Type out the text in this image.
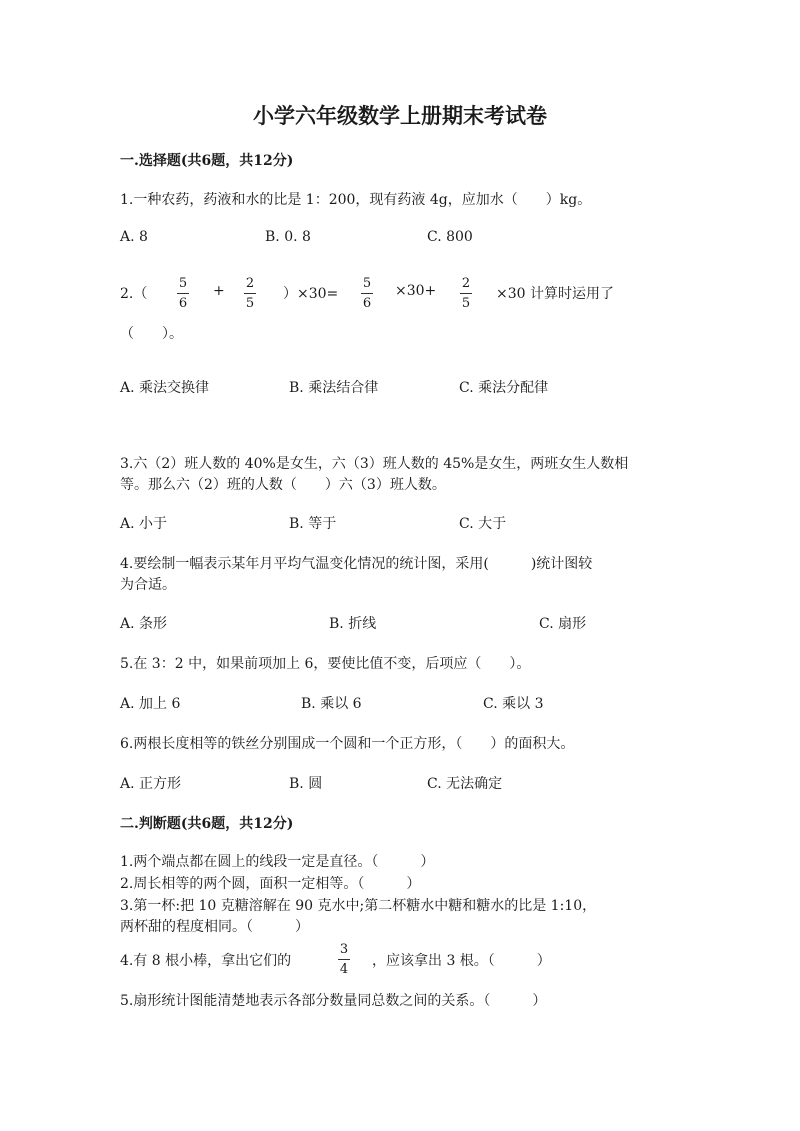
小学六年级数学上册期末考试卷
一.选择题(共6题，共12分)
1.一种农药，药液和水的比是 1：200，现有药液 4g，应加水（　　）kg。
A. 8	B. 0. 8	C. 800
2.（
5
6
+ 2
5
）×30=
5
6
×30+ 2
5
×30 计算时运用了
（　　）。
A. 乘法交换律	B. 乘法结合律	C. 乘法分配律
3.六（2）班人数的 40%是女生，六（3）班人数的 45%是女生，两班女生人数相
等。那么六（2）班的人数（　　）六（3）班人数。
A. 小于	B. 等于	C. 大于
4.要绘制一幅表示某年月平均气温变化情况的统计图，采用(　　　)统计图较
为合适。
A. 条形	B. 折线	C. 扇形
5.在 3：2 中，如果前项加上 6，要使比值不变，后项应（　　）。
A. 加上 6	B. 乘以 6	C. 乘以 3
6.两根长度相等的铁丝分别围成一个圆和一个正方形，（　　）的面积大。
A. 正方形	B. 圆	C. 无法确定
二.判断题(共6题，共12分)
1.两个端点都在圆上的线段一定是直径。（　　　）
2.周长相等的两个圆，面积一定相等。（　　　）
3.第一杯:把 10 克糖溶解在 90 克水中;第二杯糖水中糖和糖水的比是 1:10，
两杯甜的程度相同。（　　　）
4.有 8 根小棒，拿出它们的
3
4
，应该拿出 3 根。（　　　）
5.扇形统计图能清楚地表示各部分数量同总数之间的关系。（　　　）
